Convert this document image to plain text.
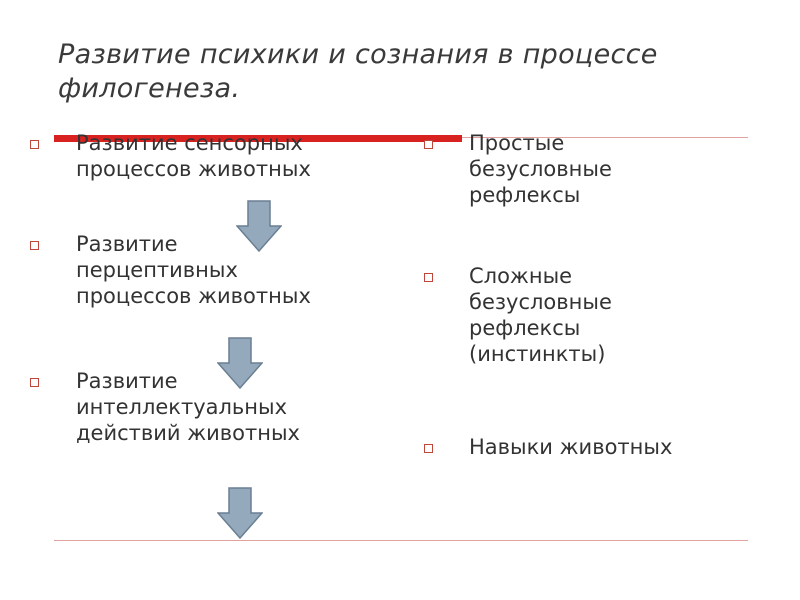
Развитие психики и сознания в процессе филогенеза.
Развитие сенсорных
процессов животных
Развитие
перцептивных
процессов животных
Развитие
интеллектуальных
действий животных
Простые
безусловные
рефлексы
Сложные
безусловные
рефлексы
(инстинкты)
Навыки животных
